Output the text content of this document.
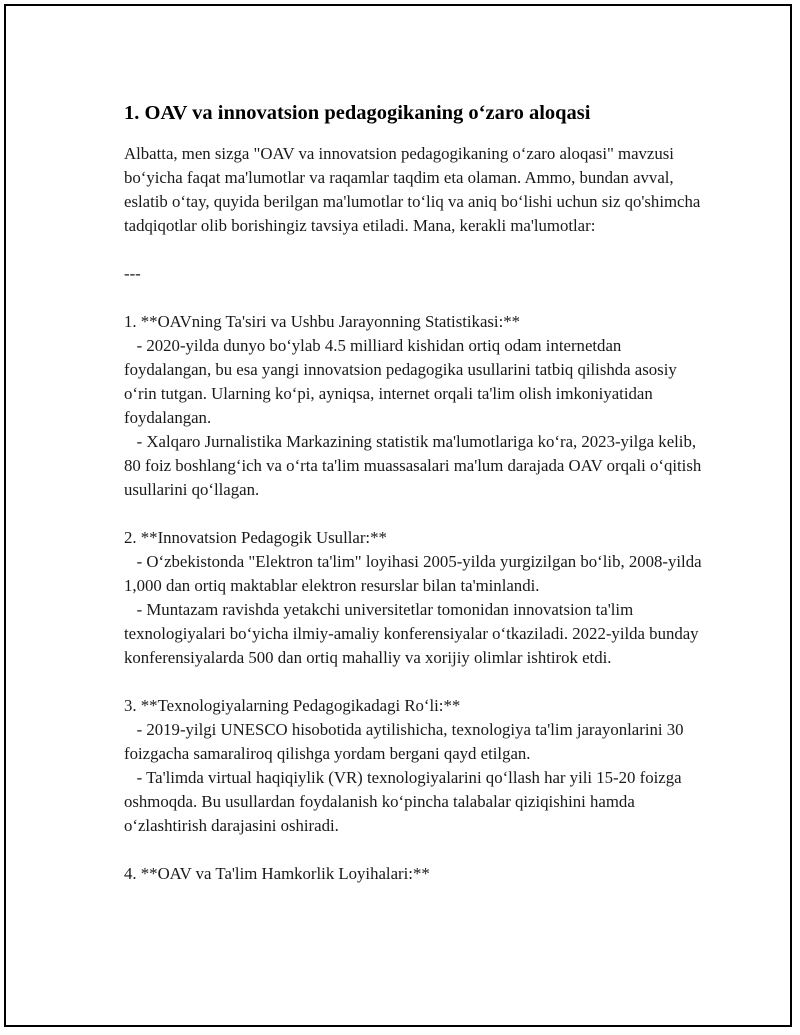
1. OAV va innovatsion pedagogikaning o‘zaro aloqasi

Albatta, men sizga "OAV va innovatsion pedagogikaning o‘zaro aloqasi" mavzusi bo‘yicha faqat ma'lumotlar va raqamlar taqdim eta olaman. Ammo, bundan avval, eslatib o‘tay, quyida berilgan ma'lumotlar to‘liq va aniq bo‘lishi uchun siz qo'shimcha tadqiqotlar olib borishingiz tavsiya etiladi. Mana, kerakli ma'lumotlar:

---

1. **OAVning Ta'siri va Ushbu Jarayonning Statistikasi:**

- 2020-yilda dunyo bo‘ylab 4.5 milliard kishidan ortiq odam internetdan foydalangan, bu esa yangi innovatsion pedagogika usullarini tatbiq qilishda asosiy o‘rin tutgan. Ularning ko‘pi, ayniqsa, internet orqali ta'lim olish imkoniyatidan foydalangan.

- Xalqaro Jurnalistika Markazining statistik ma'lumotlariga ko‘ra, 2023-yilga kelib, 80 foiz boshlang‘ich va o‘rta ta'lim muassasalari ma'lum darajada OAV orqali o‘qitish usullarini qo‘llagan.

2. **Innovatsion Pedagogik Usullar:**

- O‘zbekistonda "Elektron ta'lim" loyihasi 2005-yilda yurgizilgan bo‘lib, 2008-yilda 1,000 dan ortiq maktablar elektron resurslar bilan ta'minlandi.

- Muntazam ravishda yetakchi universitetlar tomonidan innovatsion ta'lim texnologiyalari bo‘yicha ilmiy-amaliy konferensiyalar o‘tkaziladi. 2022-yilda bunday konferensiyalarda 500 dan ortiq mahalliy va xorijiy olimlar ishtirok etdi.

3. **Texnologiyalarning Pedagogikadagi Ro‘li:**

- 2019-yilgi UNESCO hisobotida aytilishicha, texnologiya ta'lim jarayonlarini 30 foizgacha samaraliroq qilishga yordam bergani qayd etilgan.

- Ta'limda virtual haqiqiylik (VR) texnologiyalarini qo‘llash har yili 15-20 foizga oshmoqda. Bu usullardan foydalanish ko‘pincha talabalar qiziqishini hamda o‘zlashtirish darajasini oshiradi.

4. **OAV va Ta'lim Hamkorlik Loyihalari:**
